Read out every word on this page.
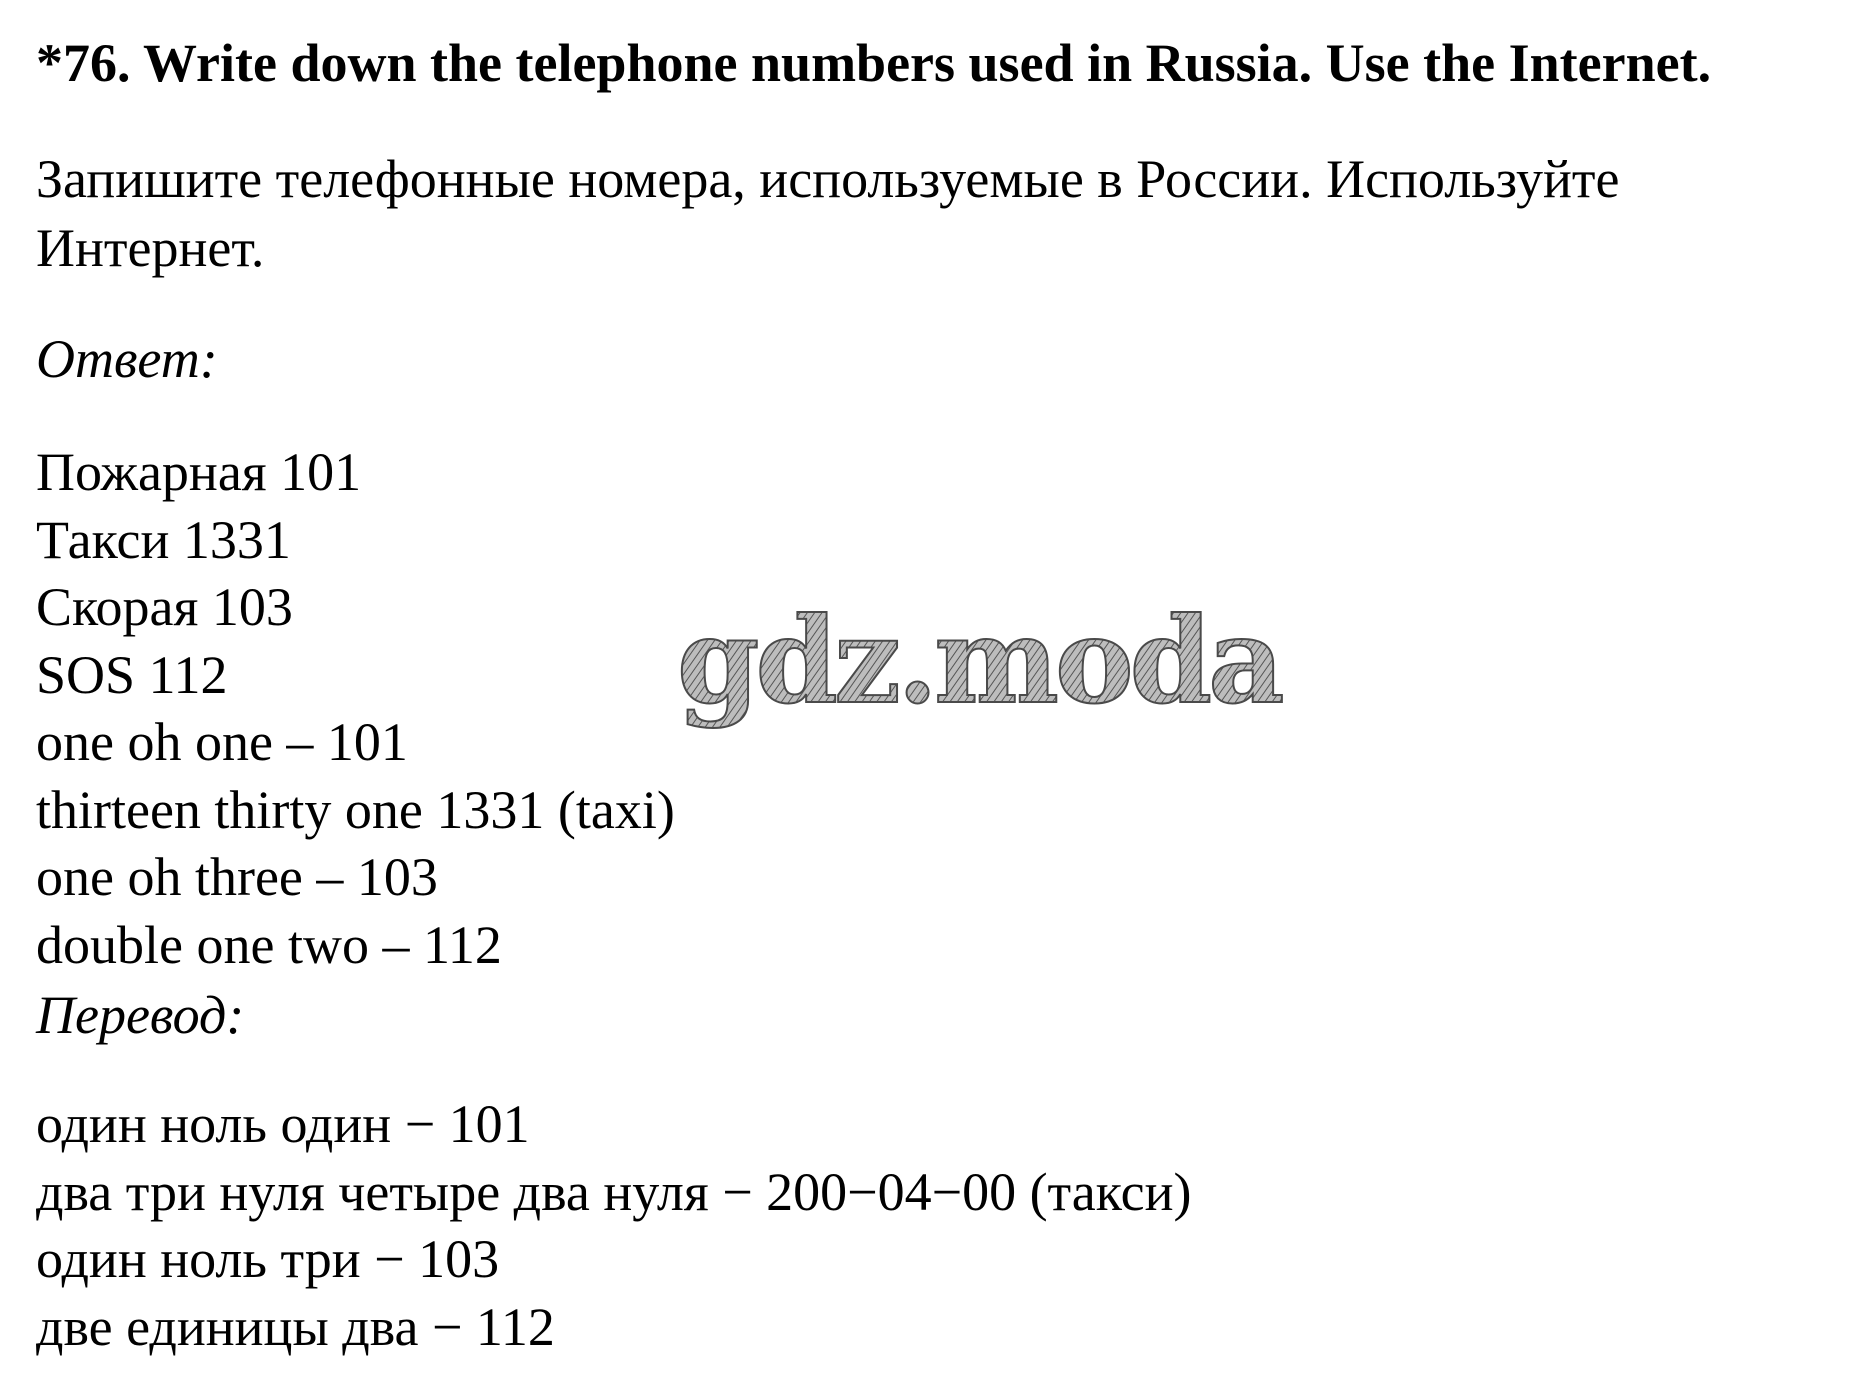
*76. Write down the telephone numbers used in Russia. Use the Internet.

Запишите телефонные номера, используемые в России. Используйте Интернет.

Ответ:

Пожарная 101
Такси 1331
Скорая 103
SOS 112
one oh one – 101
thirteen thirty one 1331 (taxi)
one oh three – 103
double one two – 112

Перевод:

один ноль один − 101
два три нуля четыре два нуля − 200−04−00 (такси)
один ноль три − 103
две единицы два − 112
gdz.moda
